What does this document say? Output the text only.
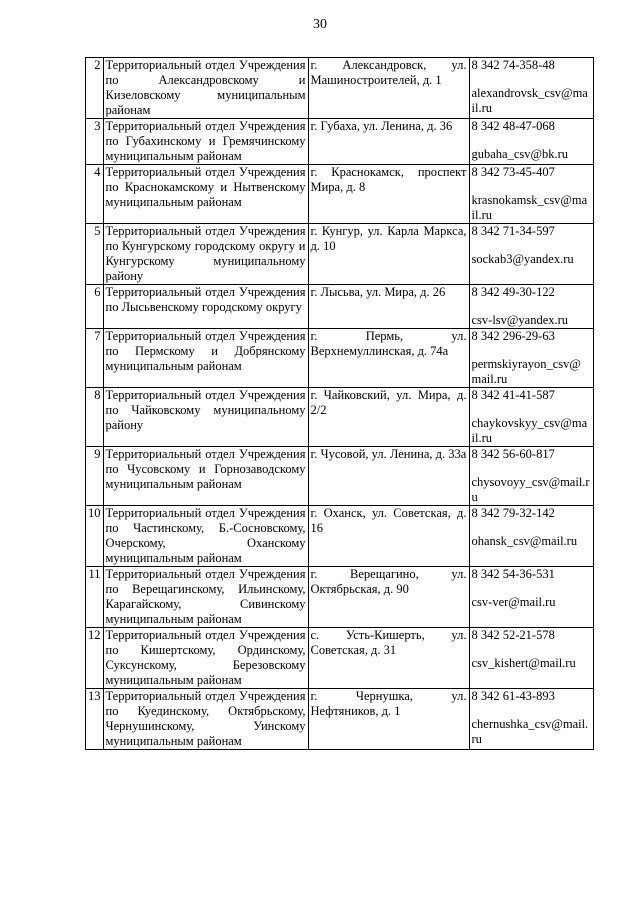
30
2	Территориальный отдел Учреждения по Александровскому и Кизеловскому муниципальным районам	г. Александровск, ул. Машиностроителей, д. 1	8 342 74-358-48
alexandrovsk_csv@mail.ru

3	Территориальный отдел Учреждения по Губахинскому и Гремячинскому муниципальным районам	г. Губаха, ул. Ленина, д. 36	8 342 48-47-068
gubaha_csv@bk.ru

4	Территориальный отдел Учреждения по Краснокамскому и Нытвенскому муниципальным районам	г. Краснокамск, проспект Мира, д. 8	8 342 73-45-407
krasnokamsk_csv@mail.ru

5	Территориальный отдел Учреждения по Кунгурскому городскому округу и Кунгурскому муниципальному району	г. Кунгур, ул. Карла Маркса, д. 10	8 342 71-34-597
sockab3@yandex.ru

6	Территориальный отдел Учреждения по Лысьвенскому городскому округу	г. Лысьва, ул. Мира, д. 26	8 342 49-30-122
csv-lsv@yandex.ru

7	Территориальный отдел Учреждения по Пермскому и Добрянскому муниципальным районам	г. Пермь, ул. Верхнемуллинская, д. 74а	8 342 296-29-63
permskiyrayon_csv@mail.ru

8	Территориальный отдел Учреждения по Чайковскому муниципальному району	г. Чайковский, ул. Мира, д. 2/2	8 342 41-41-587
chaykovskyy_csv@mail.ru

9	Территориальный отдел Учреждения по Чусовскому и Горнозаводскому муниципальным районам	г. Чусовой, ул. Ленина, д. 33а	8 342 56-60-817
chysovoyy_csv@mail.ru

10	Территориальный отдел Учреждения по Частинскому, Б.-Сосновскому, Очерскому, Оханскому муниципальным районам	г. Оханск, ул. Советская, д. 16	8 342 79-32-142
ohansk_csv@mail.ru

11	Территориальный отдел Учреждения по Верещагинскому, Ильинскому, Карагайскому, Сивинскому муниципальным районам	г. Верещагино, ул. Октябрьская, д. 90	8 342 54-36-531
csv-ver@mail.ru

12	Территориальный отдел Учреждения по Кишертскому, Ординскому, Суксунскому, Березовскому муниципальным районам	с. Усть-Кишерть, ул. Советская, д. 31	8 342 52-21-578
csv_kishert@mail.ru

13	Территориальный отдел Учреждения по Куединскому, Октябрьскому, Чернушинскому, Уинскому муниципальным районам	г. Чернушка, ул. Нефтяников, д. 1	8 342 61-43-893
chernushka_csv@mail.ru
